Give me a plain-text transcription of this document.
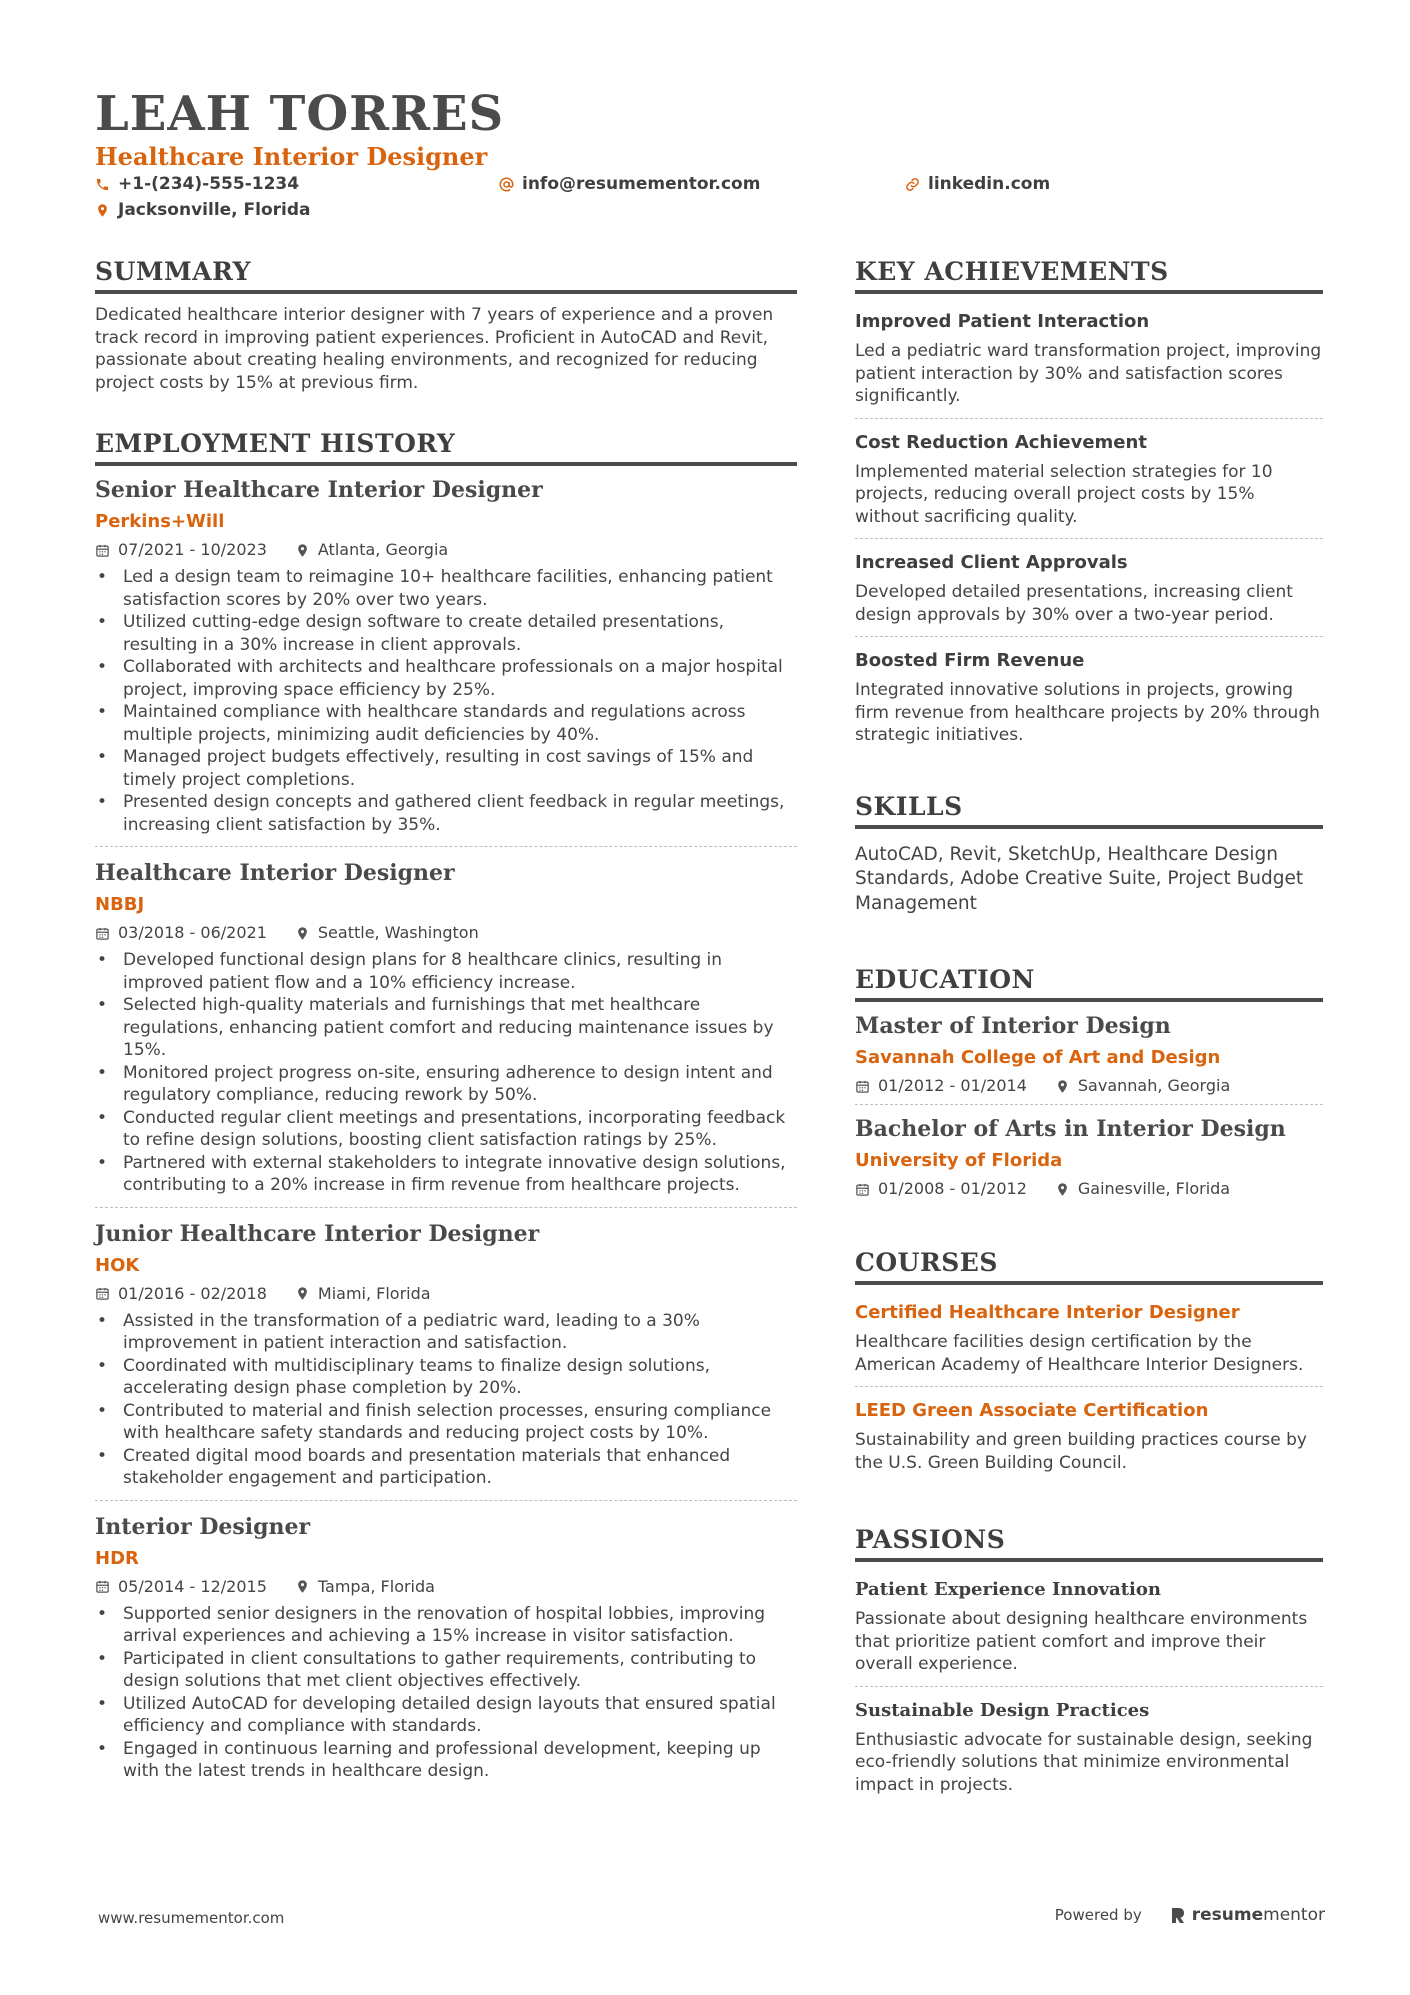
LEAH TORRES
Healthcare Interior Designer
+1-(234)-555-1234	info@resumementor.com	linkedin.com
Jacksonville, Florida
SUMMARY

Dedicated healthcare interior designer with 7 years of experience and a proven track record in improving patient experiences. Proficient in AutoCAD and Revit, passionate about creating healing environments, and recognized for reducing project costs by 15% at previous firm.

EMPLOYMENT HISTORY
Senior Healthcare Interior Designer
Perkins+Will
07/2021 - 10/2023	Atlanta, Georgia
• Led a design team to reimagine 10+ healthcare facilities, enhancing patient satisfaction scores by 20% over two years.
• Utilized cutting-edge design software to create detailed presentations, resulting in a 30% increase in client approvals.
• Collaborated with architects and healthcare professionals on a major hospital project, improving space efficiency by 25%.
• Maintained compliance with healthcare standards and regulations across multiple projects, minimizing audit deficiencies by 40%.
• Managed project budgets effectively, resulting in cost savings of 15% and timely project completions.
• Presented design concepts and gathered client feedback in regular meetings, increasing client satisfaction by 35%.
Healthcare Interior Designer
NBBJ
03/2018 - 06/2021	Seattle, Washington
• Developed functional design plans for 8 healthcare clinics, resulting in improved patient flow and a 10% efficiency increase.
• Selected high-quality materials and furnishings that met healthcare regulations, enhancing patient comfort and reducing maintenance issues by 15%.
• Monitored project progress on-site, ensuring adherence to design intent and regulatory compliance, reducing rework by 50%.
• Conducted regular client meetings and presentations, incorporating feedback to refine design solutions, boosting client satisfaction ratings by 25%.
• Partnered with external stakeholders to integrate innovative design solutions, contributing to a 20% increase in firm revenue from healthcare projects.
Junior Healthcare Interior Designer
HOK
01/2016 - 02/2018	Miami, Florida
• Assisted in the transformation of a pediatric ward, leading to a 30% improvement in patient interaction and satisfaction.
• Coordinated with multidisciplinary teams to finalize design solutions, accelerating design phase completion by 20%.
• Contributed to material and finish selection processes, ensuring compliance with healthcare safety standards and reducing project costs by 10%.
• Created digital mood boards and presentation materials that enhanced stakeholder engagement and participation.
Interior Designer
HDR
05/2014 - 12/2015	Tampa, Florida
• Supported senior designers in the renovation of hospital lobbies, improving arrival experiences and achieving a 15% increase in visitor satisfaction.
• Participated in client consultations to gather requirements, contributing to design solutions that met client objectives effectively.
• Utilized AutoCAD for developing detailed design layouts that ensured spatial efficiency and compliance with standards.
• Engaged in continuous learning and professional development, keeping up with the latest trends in healthcare design.
KEY ACHIEVEMENTS
Improved Patient Interaction

Led a pediatric ward transformation project, improving patient interaction by 30% and satisfaction scores significantly.

Cost Reduction Achievement

Implemented material selection strategies for 10 projects, reducing overall project costs by 15% without sacrificing quality.

Increased Client Approvals

Developed detailed presentations, increasing client design approvals by 30% over a two-year period.

Boosted Firm Revenue

Integrated innovative solutions in projects, growing firm revenue from healthcare projects by 20% through strategic initiatives.

SKILLS
AutoCAD, Revit, SketchUp, Healthcare Design Standards, Adobe Creative Suite, Project Budget Management
EDUCATION
Master of Interior Design
Savannah College of Art and Design
01/2012 - 01/2014	Savannah, Georgia
Bachelor of Arts in Interior Design
University of Florida
01/2008 - 01/2012	Gainesville, Florida
COURSES
Certified Healthcare Interior Designer

Healthcare facilities design certification by the American Academy of Healthcare Interior Designers.

LEED Green Associate Certification

Sustainability and green building practices course by the U.S. Green Building Council.

PASSIONS
Patient Experience Innovation

Passionate about designing healthcare environments that prioritize patient comfort and improve their overall experience.

Sustainable Design Practices

Enthusiastic advocate for sustainable design, seeking eco-friendly solutions that minimize environmental impact in projects.

www.resumementor.com	Powered by	resumementor
